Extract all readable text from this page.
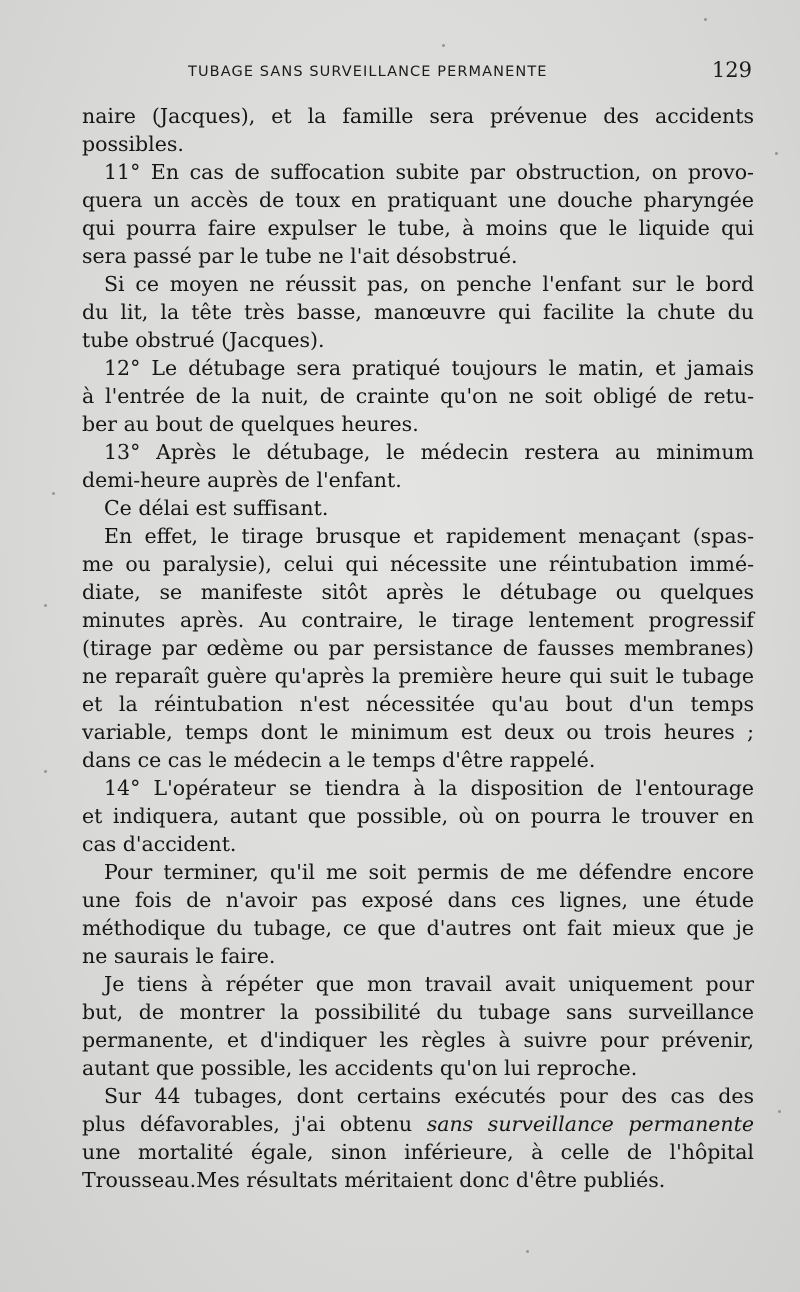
TUBAGE SANS SURVEILLANCE PERMANENTE	129
naire (Jacques), et la famille sera prévenue des accidents
possibles.
11° En cas de suffocation subite par obstruction, on provo-
quera un accès de toux en pratiquant une douche pharyngée
qui pourra faire expulser le tube, à moins que le liquide qui
sera passé par le tube ne l'ait désobstrué.
Si ce moyen ne réussit pas, on penche l'enfant sur le bord
du lit, la tête très basse, manœuvre qui facilite la chute du
tube obstrué (Jacques).
12° Le détubage sera pratiqué toujours le matin, et jamais
à l'entrée de la nuit, de crainte qu'on ne soit obligé de retu-
ber au bout de quelques heures.
13° Après le détubage, le médecin restera au minimum
demi-heure auprès de l'enfant.
Ce délai est suffisant.
En effet, le tirage brusque et rapidement menaçant (spas-
me ou paralysie), celui qui nécessite une réintubation immé-
diate, se manifeste sitôt après le détubage ou quelques
minutes après. Au contraire, le tirage lentement progressif
(tirage par œdème ou par persistance de fausses membranes)
ne reparaît guère qu'après la première heure qui suit le tubage
et la réintubation n'est nécessitée qu'au bout d'un temps
variable, temps dont le minimum est deux ou trois heures ;
dans ce cas le médecin a le temps d'être rappelé.
14° L'opérateur se tiendra à la disposition de l'entourage
et indiquera, autant que possible, où on pourra le trouver en
cas d'accident.
Pour terminer, qu'il me soit permis de me défendre encore
une fois de n'avoir pas exposé dans ces lignes, une étude
méthodique du tubage, ce que d'autres ont fait mieux que je
ne saurais le faire.
Je tiens à répéter que mon travail avait uniquement pour
but, de montrer la possibilité du tubage sans surveillance
permanente, et d'indiquer les règles à suivre pour prévenir,
autant que possible, les accidents qu'on lui reproche.
Sur 44 tubages, dont certains exécutés pour des cas des
plus défavorables, j'ai obtenu sans surveillance permanente
une mortalité égale, sinon inférieure, à celle de l'hôpital
Trousseau.Mes résultats méritaient donc d'être publiés.
